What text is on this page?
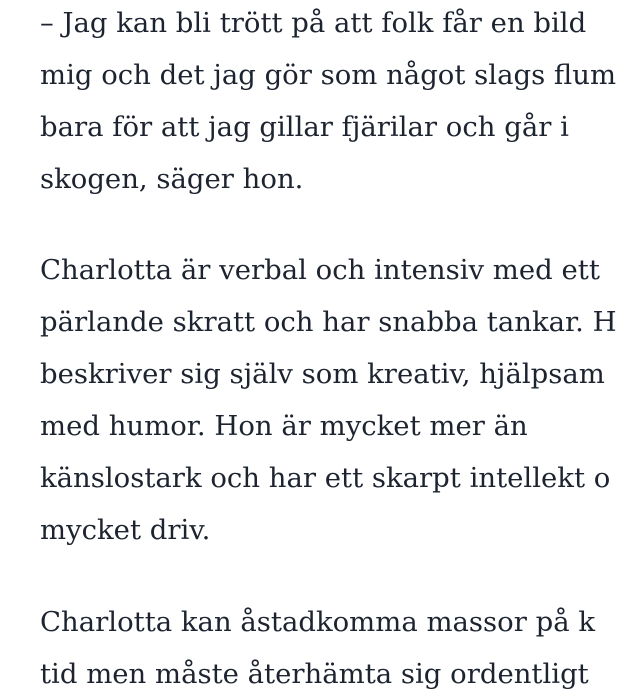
– Jag kan bli trött på att folk får en bild
mig och det jag gör som något slags flum
bara för att jag gillar fjärilar och går i
skogen, säger hon.

Charlotta är verbal och intensiv med ett
pärlande skratt och har snabba tankar. H
beskriver sig själv som kreativ, hjälpsam
med humor. Hon är mycket mer än
känslostark och har ett skarpt intellekt o
mycket driv.

Charlotta kan åstadkomma massor på k
tid men måste återhämta sig ordentligt
